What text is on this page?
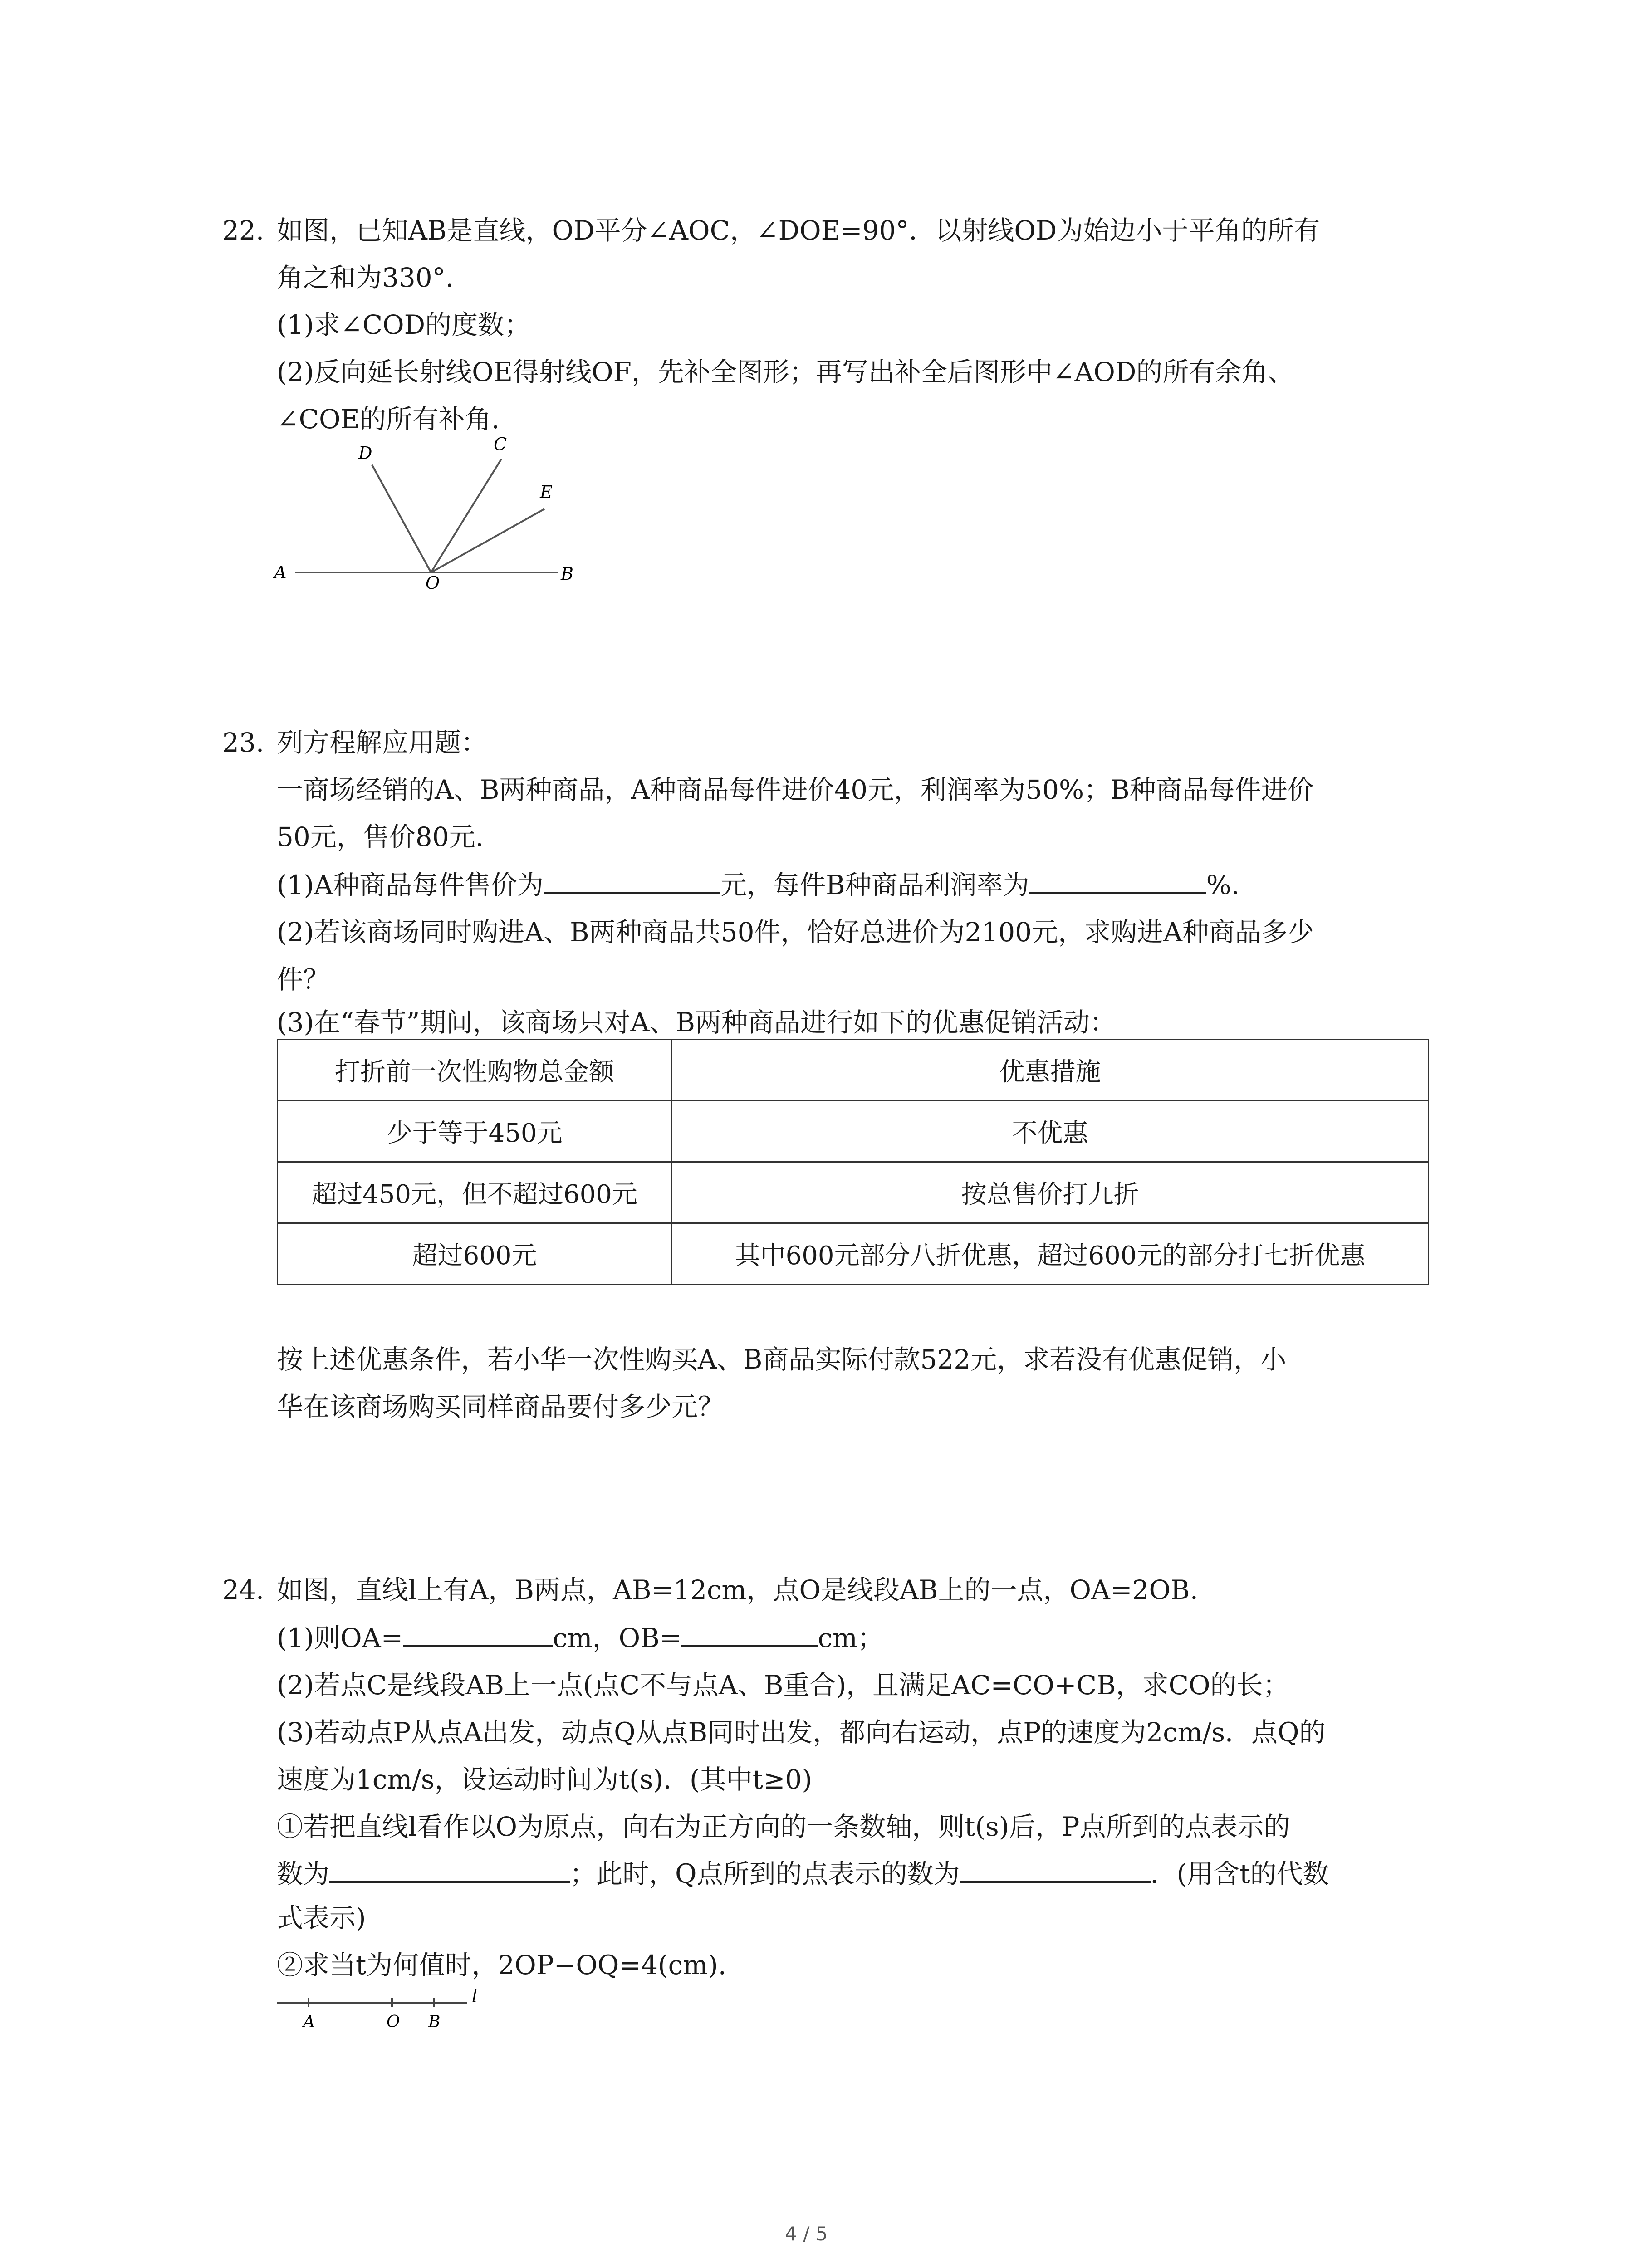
22. 如图，已知AB是直线，OD平分∠AOC，∠DOE=90°．以射线OD为始边小于平角的所有
角之和为330°.
(1)求∠COD的度数；
(2)反向延长射线OE得射线OF，先补全图形；再写出补全后图形中∠AOD的所有余角、
∠COE的所有补角.
A	B
O
D	C
E
23. 列方程解应用题：
一商场经销的A、B两种商品，A种商品每件进价40元，利润率为50%；B种商品每件进价
50元，售价80元.
(1)A种商品每件售价为	元，每件B种商品利润率为	%.
(2)若该商场同时购进A、B两种商品共50件，恰好总进价为2100元，求购进A种商品多少
件？
(3)在“春节”期间，该商场只对A、B两种商品进行如下的优惠促销活动：
打折前一次性购物总金额	优惠措施
少于等于450元	不优惠
超过450元，但不超过600元	按总售价打九折
超过600元	其中600元部分八折优惠，超过600元的部分打七折优惠
按上述优惠条件，若小华一次性购买A、B商品实际付款522元，求若没有优惠促销，小
华在该商场购买同样商品要付多少元？
24. 如图，直线l上有A，B两点，AB=12cm，点O是线段AB上的一点，OA=2OB.
(1)则OA=	cm，OB=	cm；
(2)若点C是线段AB上一点(点C不与点A、B重合)，且满足AC=CO+CB，求CO的长；
(3)若动点P从点A出发，动点Q从点B同时出发，都向右运动，点P的速度为2cm/s．点Q的
速度为1cm/s，设运动时间为t(s)．(其中t≥0)
①若把直线l看作以O为原点，向右为正方向的一条数轴，则t(s)后，P点所到的点表示的
数为	；此时，Q点所到的点表示的数为	．(用含t的代数
式表示)
②求当t为何值时，2OP−OQ=4(cm).
A	O B
l
4 / 5
